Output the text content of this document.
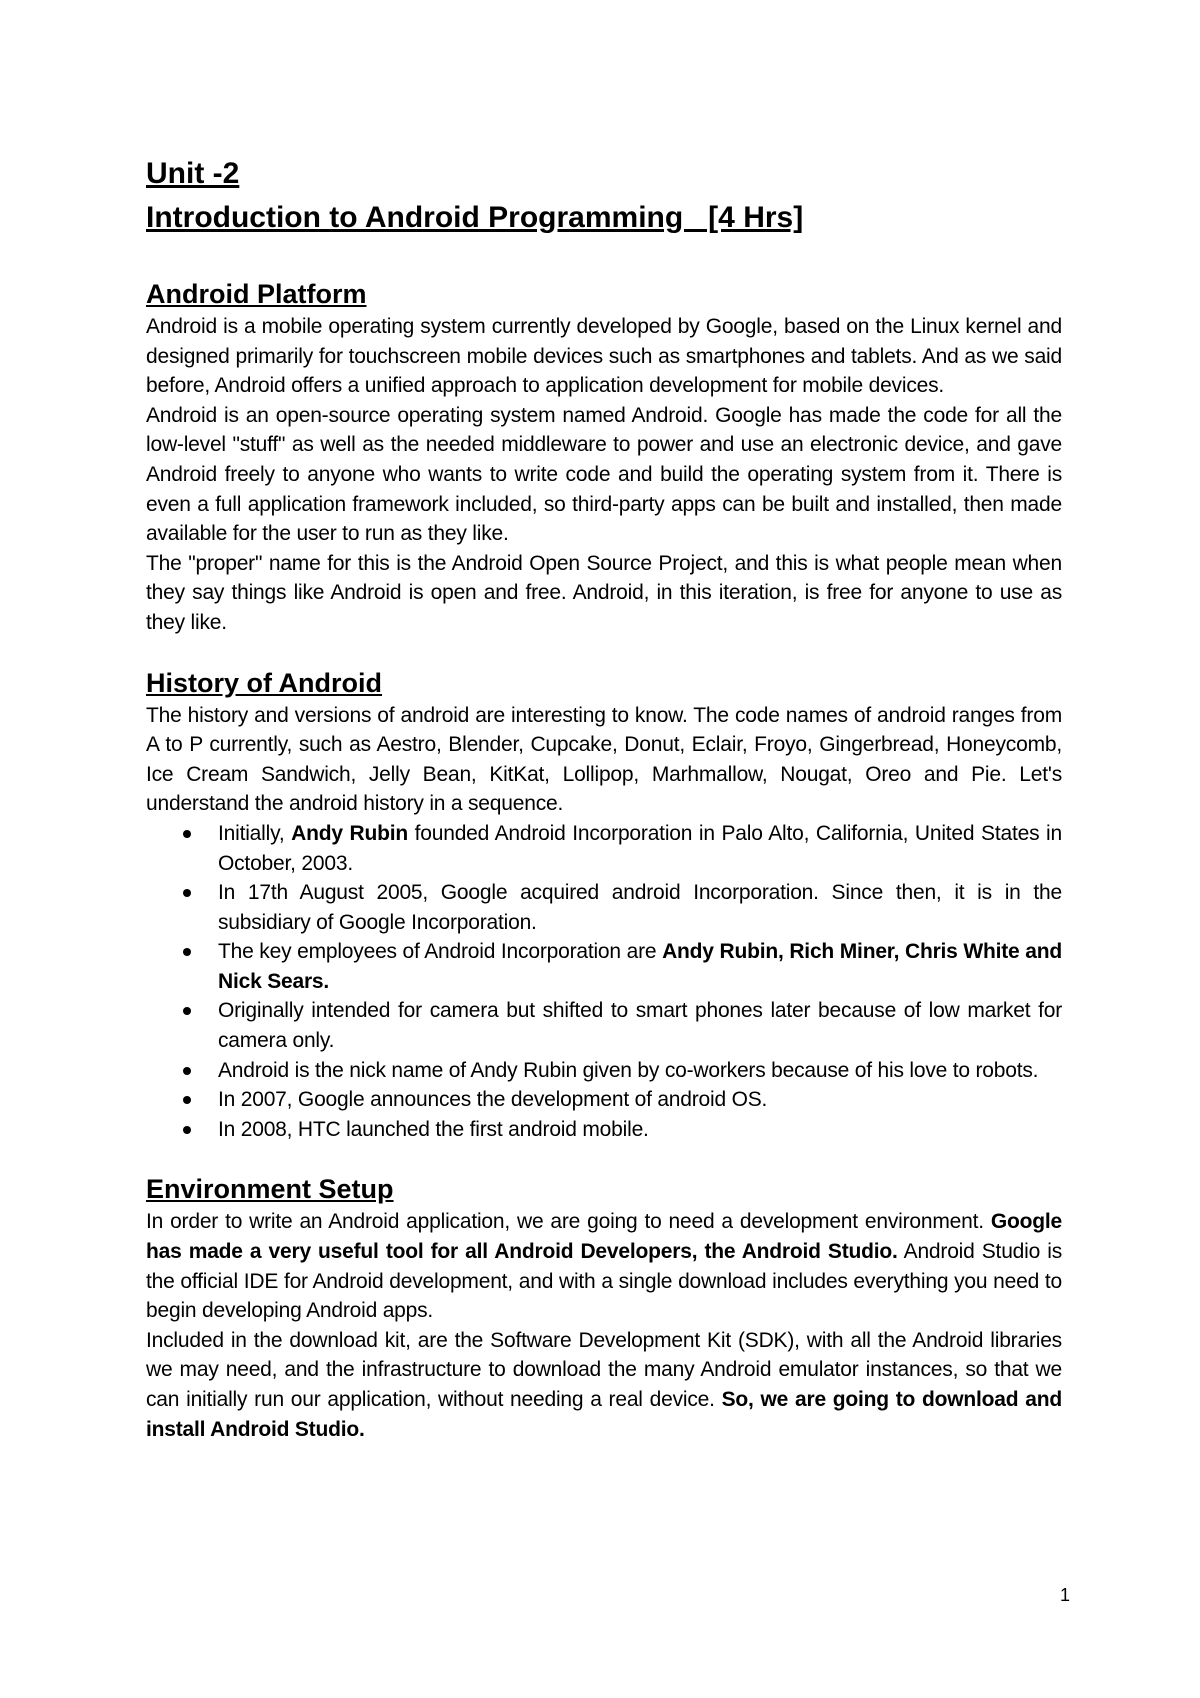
Unit -2

Introduction to Android Programming   [4 Hrs]

Android Platform

Android is a mobile operating system currently developed by Google, based on the Linux kernel and designed primarily for touchscreen mobile devices such as smartphones and tablets. And as we said before, Android offers a unified approach to application development for mobile devices.

Android is an open-source operating system named Android. Google has made the code for all the low-level "stuff" as well as the needed middleware to power and use an electronic device, and gave Android freely to anyone who wants to write code and build the operating system from it. There is even a full application framework included, so third-party apps can be built and installed, then made available for the user to run as they like.

The "proper" name for this is the Android Open Source Project, and this is what people mean when they say things like Android is open and free. Android, in this iteration, is free for anyone to use as they like.

History of Android

The history and versions of android are interesting to know. The code names of android ranges from A to P currently, such as Aestro, Blender, Cupcake, Donut, Eclair, Froyo, Gingerbread, Honeycomb, Ice Cream Sandwich, Jelly Bean, KitKat, Lollipop, Marhmallow, Nougat, Oreo and Pie. Let's understand the android history in a sequence.

Initially, Andy Rubin founded Android Incorporation in Palo Alto, California, United States in October, 2003.
In 17th August 2005, Google acquired android Incorporation. Since then, it is in the subsidiary of Google Incorporation.
The key employees of Android Incorporation are Andy Rubin, Rich Miner, Chris White and Nick Sears.
Originally intended for camera but shifted to smart phones later because of low market for camera only.
Android is the nick name of Andy Rubin given by co-workers because of his love to robots.
In 2007, Google announces the development of android OS.
In 2008, HTC launched the first android mobile.
Environment Setup

In order to write an Android application, we are going to need a development environment. Google has made a very useful tool for all Android Developers, the Android Studio. Android Studio is the official IDE for Android development, and with a single download includes everything you need to begin developing Android apps.

Included in the download kit, are the Software Development Kit (SDK), with all the Android libraries we may need, and the infrastructure to download the many Android emulator instances, so that we can initially run our application, without needing a real device. So, we are going to download and install Android Studio.

1
